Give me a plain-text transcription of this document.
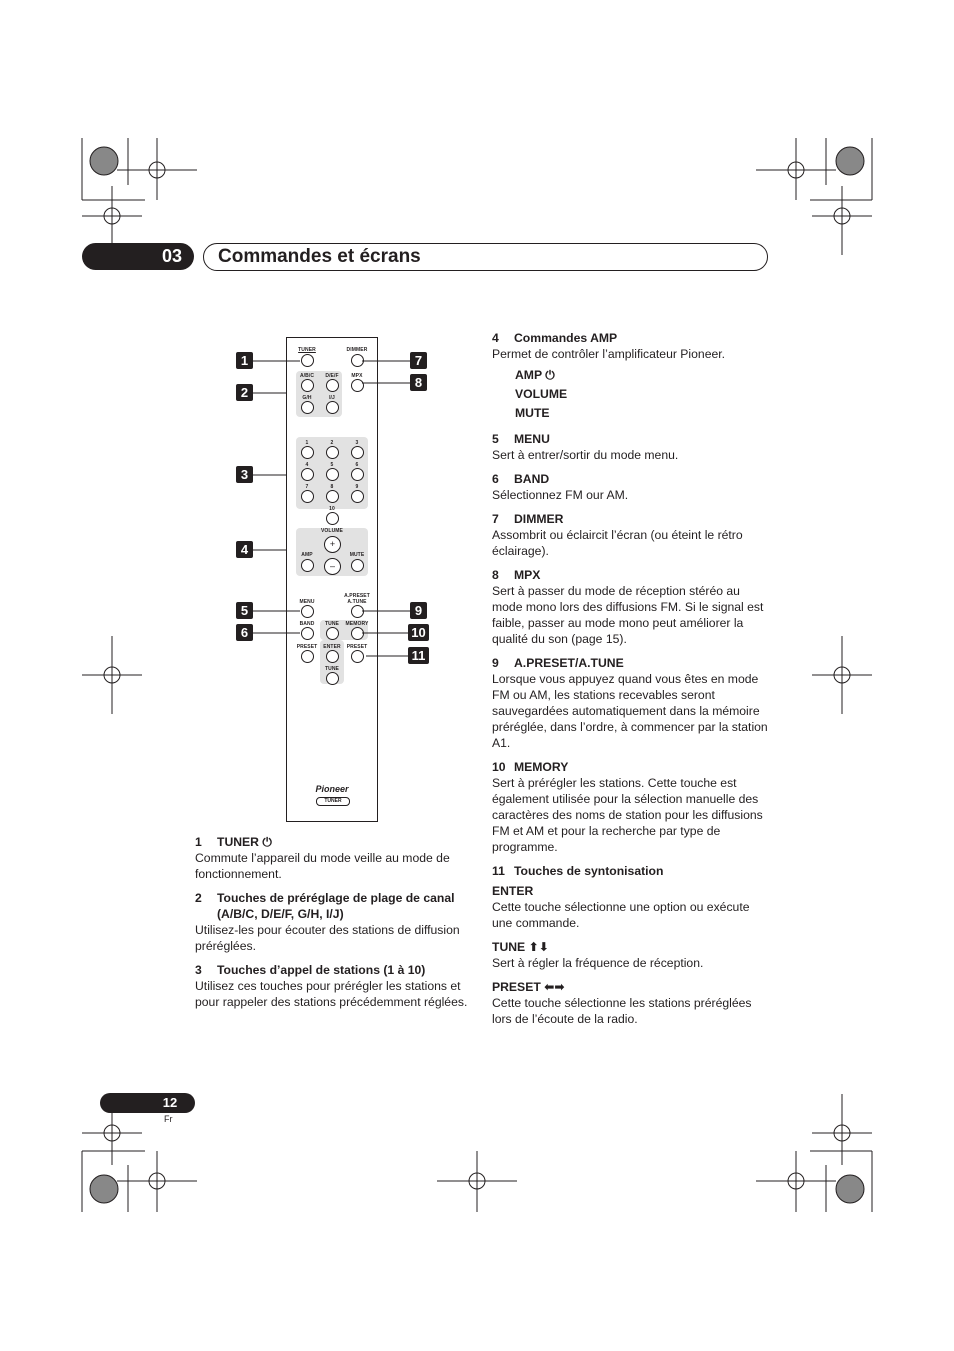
03	Commandes et écrans
TUNER	DIMMER
A/B/C	D/E/F	MPX
G/H	I/J
1	2	3
4	5	6
7	8	9
10
VOLUME
+
–
AMP	MUTE
MENU
A.PRESET
A.TUNE
BAND	TUNE	MEMORY
PRESET	ENTER	PRESET
TUNE
Pioneer
TUNER
1
2
3
4
5
6
7
8
9
10
11

1 TUNER ⏻

Commute l’appareil du mode veille au mode de fonctionnement.

2 Touches de préréglage de plage de canal (A/B/C, D/E/F, G/H, I/J)

Utilisez-les pour écouter des stations de diffusion préréglées.

3 Touches d’appel de stations (1 à 10)

Utilisez ces touches pour prérégler les stations et pour rappeler des stations précédemment réglées.

4 Commandes AMP

Permet de contrôler l’amplificateur Pioneer.

AMP ⏻

VOLUME

MUTE

5 MENU

Sert à entrer/sortir du mode menu.

6 BAND

Sélectionnez FM our AM.

7 DIMMER

Assombrit ou éclaircit l’écran (ou éteint le rétro éclairage).

8 MPX

Sert à passer du mode de réception stéréo au mode mono lors des diffusions FM. Si le signal est faible, passer au mode mono peut améliorer la qualité du son (page 15).

9 A.PRESET/A.TUNE

Lorsque vous appuyez quand vous êtes en mode FM ou AM, les stations recevables seront sauvegardées automatiquement dans la mémoire préréglée, dans l’ordre, à commencer par la station A1.

10 MEMORY

Sert à prérégler les stations. Cette touche est également utilisée pour la sélection manuelle des caractères des noms de station pour les diffusions FM et AM et pour la recherche par type de programme.

11 Touches de syntonisation

ENTER

Cette touche sélectionne une option ou exécute une commande.

TUNE ⬆⬇

Sert à régler la fréquence de réception.

PRESET ⬅➡

Cette touche sélectionne les stations préréglées lors de l’écoute de la radio.

12
Fr
